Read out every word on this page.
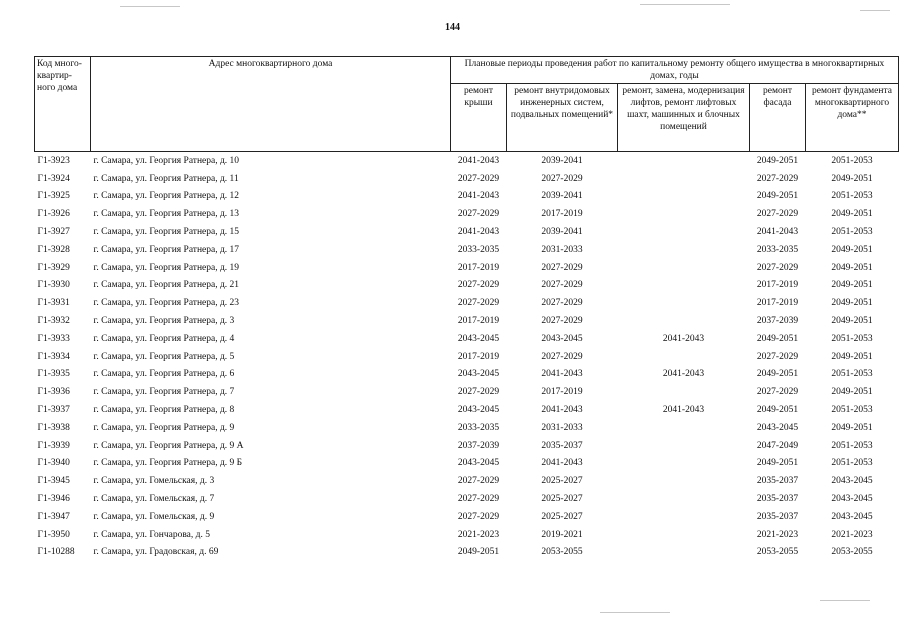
144
Код много-квартир-ного дома	Адрес многоквартирного дома	Плановые периоды проведения работ по капитальному ремонту общего имущества в многоквартирных домах, годы				
		ремонт крыши	ремонт внутридомовых инженерных систем, подвальных помещений*	ремонт, замена, модернизация лифтов, ремонт лифтовых шахт, машинных и блочных помещений	ремонт фасада	ремонт фундамента многоквартирного дома**
Г1-3923	г. Самара, ул. Георгия Ратнера, д. 10	2041-2043	2039-2041		2049-2051	2051-2053
Г1-3924	г. Самара, ул. Георгия Ратнера, д. 11	2027-2029	2027-2029		2027-2029	2049-2051
Г1-3925	г. Самара, ул. Георгия Ратнера, д. 12	2041-2043	2039-2041		2049-2051	2051-2053
Г1-3926	г. Самара, ул. Георгия Ратнера, д. 13	2027-2029	2017-2019		2027-2029	2049-2051
Г1-3927	г. Самара, ул. Георгия Ратнера, д. 15	2041-2043	2039-2041		2041-2043	2051-2053
Г1-3928	г. Самара, ул. Георгия Ратнера, д. 17	2033-2035	2031-2033		2033-2035	2049-2051
Г1-3929	г. Самара, ул. Георгия Ратнера, д. 19	2017-2019	2027-2029		2027-2029	2049-2051
Г1-3930	г. Самара, ул. Георгия Ратнера, д. 21	2027-2029	2027-2029		2017-2019	2049-2051
Г1-3931	г. Самара, ул. Георгия Ратнера, д. 23	2027-2029	2027-2029		2017-2019	2049-2051
Г1-3932	г. Самара, ул. Георгия Ратнера, д. 3	2017-2019	2027-2029		2037-2039	2049-2051
Г1-3933	г. Самара, ул. Георгия Ратнера, д. 4	2043-2045	2043-2045	2041-2043	2049-2051	2051-2053
Г1-3934	г. Самара, ул. Георгия Ратнера, д. 5	2017-2019	2027-2029		2027-2029	2049-2051
Г1-3935	г. Самара, ул. Георгия Ратнера, д. 6	2043-2045	2041-2043	2041-2043	2049-2051	2051-2053
Г1-3936	г. Самара, ул. Георгия Ратнера, д. 7	2027-2029	2017-2019		2027-2029	2049-2051
Г1-3937	г. Самара, ул. Георгия Ратнера, д. 8	2043-2045	2041-2043	2041-2043	2049-2051	2051-2053
Г1-3938	г. Самара, ул. Георгия Ратнера, д. 9	2033-2035	2031-2033		2043-2045	2049-2051
Г1-3939	г. Самара, ул. Георгия Ратнера, д. 9 А	2037-2039	2035-2037		2047-2049	2051-2053
Г1-3940	г. Самара, ул. Георгия Ратнера, д. 9 Б	2043-2045	2041-2043		2049-2051	2051-2053
Г1-3945	г. Самара, ул. Гомельская, д. 3	2027-2029	2025-2027		2035-2037	2043-2045
Г1-3946	г. Самара, ул. Гомельская, д. 7	2027-2029	2025-2027		2035-2037	2043-2045
Г1-3947	г. Самара, ул. Гомельская, д. 9	2027-2029	2025-2027		2035-2037	2043-2045
Г1-3950	г. Самара, ул. Гончарова, д. 5	2021-2023	2019-2021		2021-2023	2021-2023
Г1-10288	г. Самара, ул. Градовская, д. 69	2049-2051	2053-2055		2053-2055	2053-2055
